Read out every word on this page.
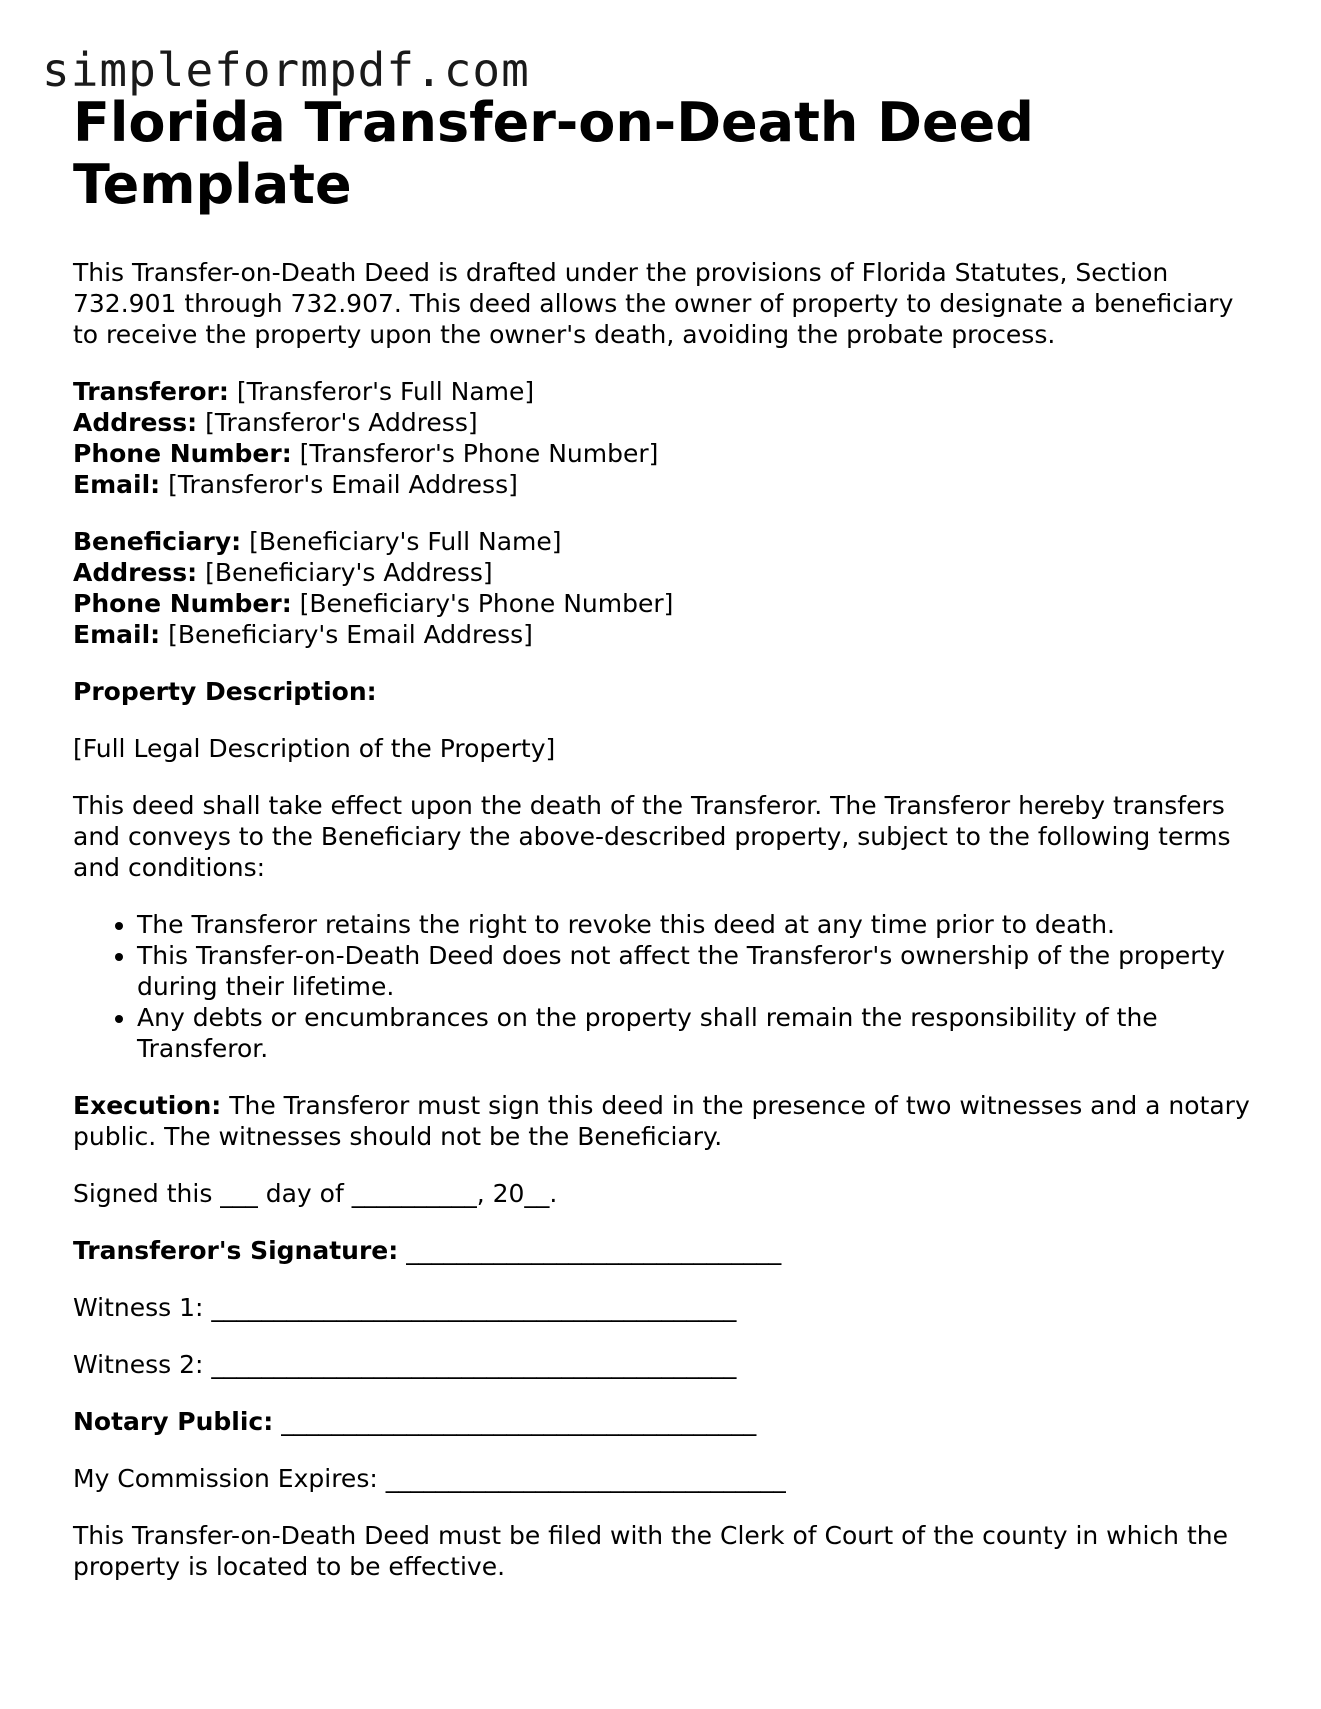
simpleformpdf.com
Florida Transfer-on-Death Deed Template

This Transfer-on-Death Deed is drafted under the provisions of Florida Statutes, Section 732.901 through 732.907. This deed allows the owner of property to designate a beneficiary to receive the property upon the owner's death, avoiding the probate process.

Transferor: [Transferor's Full Name]

Address: [Transferor's Address]

Phone Number: [Transferor's Phone Number]

Email: [Transferor's Email Address]

Beneficiary: [Beneficiary's Full Name]

Address: [Beneficiary's Address]

Phone Number: [Beneficiary's Phone Number]

Email: [Beneficiary's Email Address]

Property Description:

[Full Legal Description of the Property]

This deed shall take effect upon the death of the Transferor. The Transferor hereby transfers and conveys to the Beneficiary the above-described property, subject to the following terms and conditions:

• The Transferor retains the right to revoke this deed at any time prior to death.
• This Transfer-on-Death Deed does not affect the Transferor's ownership of the property during their lifetime.
• Any debts or encumbrances on the property shall remain the responsibility of the Transferor.

Execution: The Transferor must sign this deed in the presence of two witnesses and a notary public. The witnesses should not be the Beneficiary.

Signed this ___ day of __________, 20__.

Transferor's Signature: ______________________________

Witness 1: __________________________________________

Witness 2: __________________________________________

Notary Public: ______________________________________

My Commission Expires: ________________________________

This Transfer-on-Death Deed must be filed with the Clerk of Court of the county in which the property is located to be effective.
